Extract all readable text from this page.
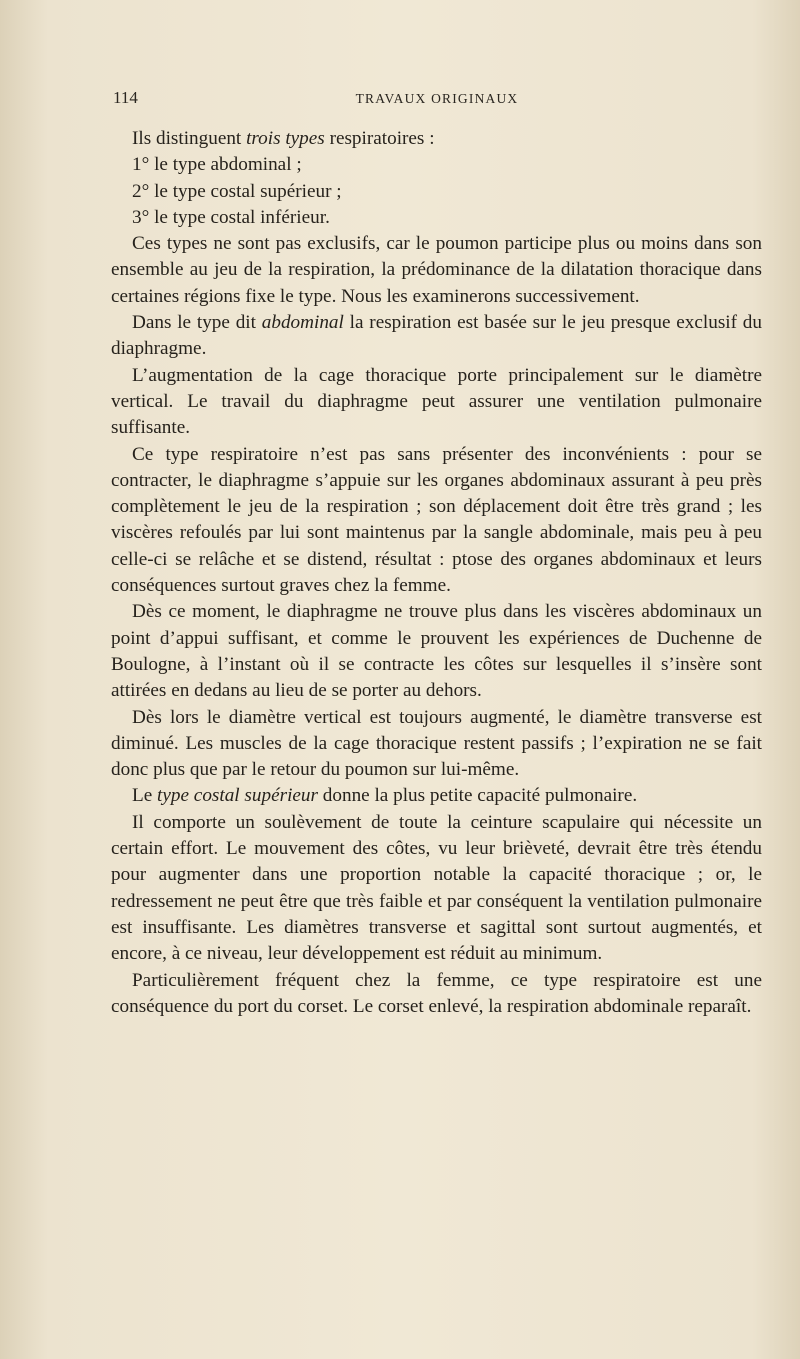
114	TRAVAUX ORIGINAUX

Ils distinguent trois types respiratoires :

1° le type abdominal ;

2° le type costal supérieur ;

3° le type costal inférieur.

Ces types ne sont pas exclusifs, car le poumon participe plus ou moins dans son ensemble au jeu de la respiration, la prédominance de la dilatation thoracique dans certaines régions fixe le type. Nous les examinerons successivement.

Dans le type dit abdominal la respiration est basée sur le jeu presque exclusif du diaphragme.

L’augmentation de la cage thoracique porte principalement sur le diamètre vertical. Le travail du diaphragme peut assurer une ventilation pulmonaire suffisante.

Ce type respiratoire n’est pas sans présenter des inconvénients : pour se contracter, le diaphragme s’appuie sur les organes abdominaux assurant à peu près complètement le jeu de la respiration ; son déplacement doit être très grand ; les viscères refoulés par lui sont maintenus par la sangle abdominale, mais peu à peu celle-ci se relâche et se distend, résultat : ptose des organes abdominaux et leurs conséquences surtout graves chez la femme.

Dès ce moment, le diaphragme ne trouve plus dans les viscères abdominaux un point d’appui suffisant, et comme le prouvent les expériences de Duchenne de Boulogne, à l’instant où il se contracte les côtes sur lesquelles il s’insère sont attirées en dedans au lieu de se porter au dehors.

Dès lors le diamètre vertical est toujours augmenté, le diamètre transverse est diminué. Les muscles de la cage thoracique restent passifs ; l’expiration ne se fait donc plus que par le retour du poumon sur lui-même.

Le type costal supérieur donne la plus petite capacité pulmonaire.

Il comporte un soulèvement de toute la ceinture scapulaire qui nécessite un certain effort. Le mouvement des côtes, vu leur brièveté, devrait être très étendu pour augmenter dans une proportion notable la capacité thoracique ; or, le redressement ne peut être que très faible et par conséquent la ventilation pulmonaire est insuffisante. Les diamètres transverse et sagittal sont surtout augmentés, et encore, à ce niveau, leur développement est réduit au minimum.

Particulièrement fréquent chez la femme, ce type respiratoire est une conséquence du port du corset. Le corset enlevé, la respiration abdominale reparaît.
